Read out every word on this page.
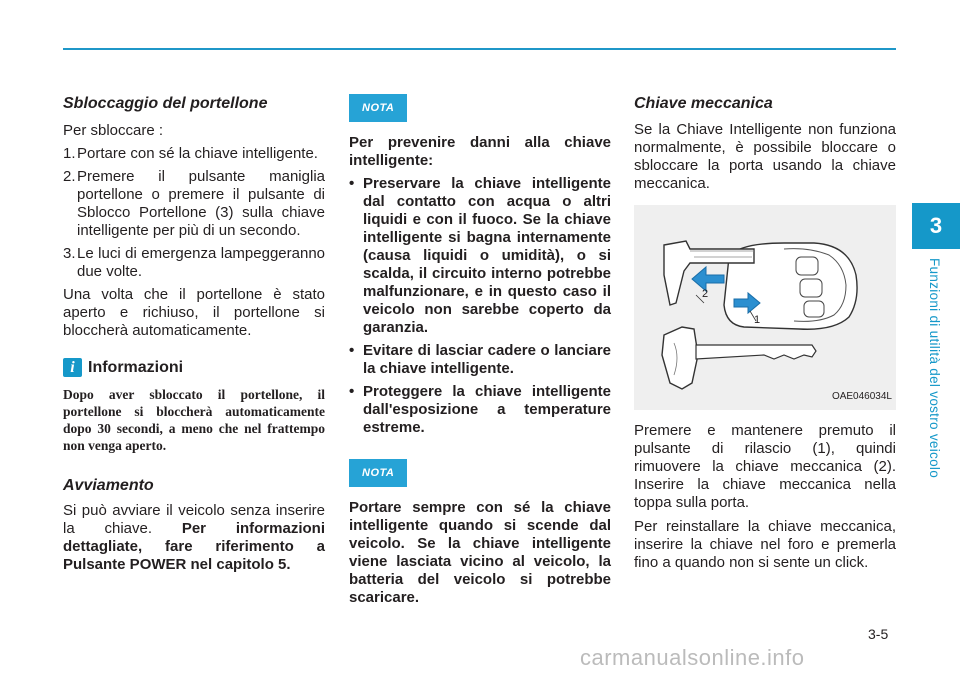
3
Funzioni di utilità del vostro veicolo
Sbloccaggio del portellone

Per sbloccare :

1. Portare con sé la chiave intelligente.
2. Premere il pulsante maniglia portellone o premere il pulsante di Sblocco Portellone (3) sulla chiave intelligente per più di un secondo.
3. Le luci di emergenza lampeggeranno due volte.

Una volta che il portellone è stato aperto e richiuso, il portellone si bloccherà automaticamente.

i Informazioni

Dopo aver sbloccato il portellone, il portellone si bloccherà automaticamente dopo 30 secondi, a meno che nel frattempo non venga aperto.

Avviamento

Si può avviare il veicolo senza inserire la chiave. Per informazioni dettagliate, fare riferimento a Pulsante POWER nel capitolo 5.

NOTA

Per prevenire danni alla chiave intelligente:

• Preservare la chiave intelligente dal contatto con acqua o altri liquidi e con il fuoco. Se la chiave intelligente si bagna internamente (causa liquidi o umidità), o si scalda, il circuito interno potrebbe malfunzionare, e in questo caso il veicolo non sarebbe coperto da garanzia.
• Evitare di lasciar cadere o lanciare la chiave intelligente.
• Proteggere la chiave intelligente dall'esposizione a temperature estreme.
NOTA

Portare sempre con sé la chiave intelligente quando si scende dal veicolo. Se la chiave intelligente viene lasciata vicino al veicolo, la batteria del veicolo si potrebbe scaricare.

Chiave meccanica

Se la Chiave Intelligente non funziona normalmente, è possibile bloccare o sbloccare la porta usando la chiave meccanica.

2
1
OAE046034L

Premere e mantenere premuto il pulsante di rilascio (1), quindi rimuovere la chiave meccanica (2). Inserire la chiave meccanica nella toppa sulla porta.

Per reinstallare la chiave meccanica, inserire la chiave nel foro e premerla fino a quando non si sente un click.

3-5
carmanualsonline.info
